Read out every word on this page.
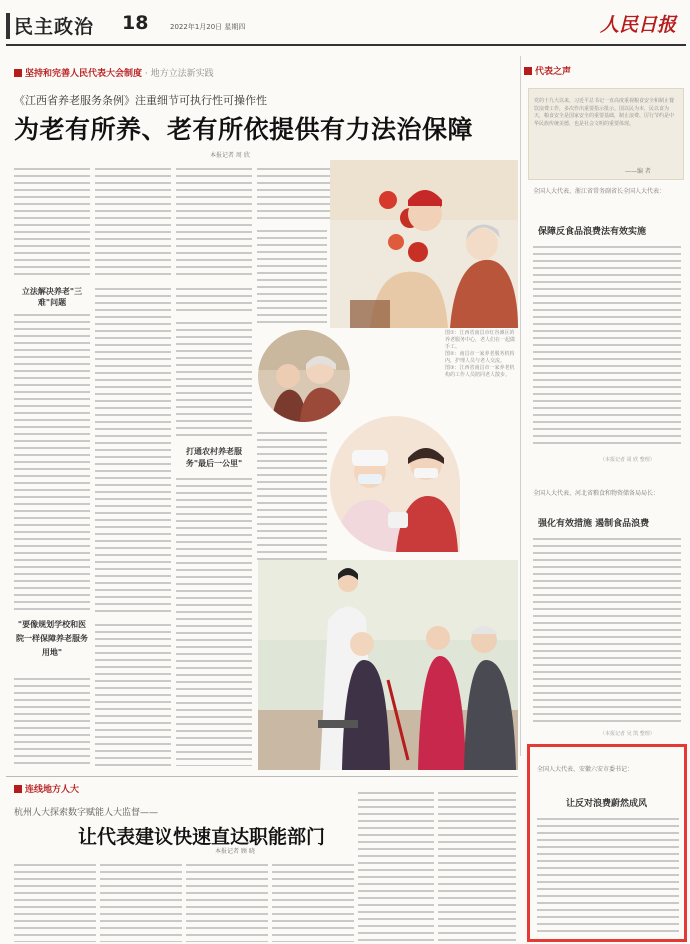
民主政治 18	2022年1月20日 星期四	人民日报
坚持和完善人民代表大会制度 · 地方立法新实践
《江西省养老服务条例》注重细节可执行性可操作性
为老有所养、老有所依提供有力法治保障
本报记者 周 欣
立法解决养老"三难"问题
"要像规划学校和医院一样保障养老服务用地"
图①：江西省南昌市红谷滩区的养老服务中心，老人们在一起做手工。
图②：南昌市一家养老服务机构内，护理人员与老人交流。
图③：江西省南昌市一家养老机构的工作人员陪同老人散步。
打通农村养老服务"最后一公里"
代表之声
党的十九大以来，习近平总书记一直高度重视粮食安全和制止餐饮浪费工作，多次作出重要指示批示。国以民为本，民以食为天，粮食安全是国家安全的重要基础，制止浪费、厉行节约是中华民族传统美德，也是社会文明的重要体现。
——编 者
全国人大代表、浙江省常务副省长全国人大代表：
保障反食品浪费法有效实施
（本报记者 周 欣 整理）
全国人大代表、河北省粮食和物资储备局局长：
强化有效措施 遏制食品浪费
（本报记者 吴 凯 整理）
全国人大代表、安徽六安市委书记：
让反对浪费蔚然成风
连线地方人大
杭州人大探索数字赋能人大监督——
让代表建议快速直达职能部门
本报记者 顾 晓
